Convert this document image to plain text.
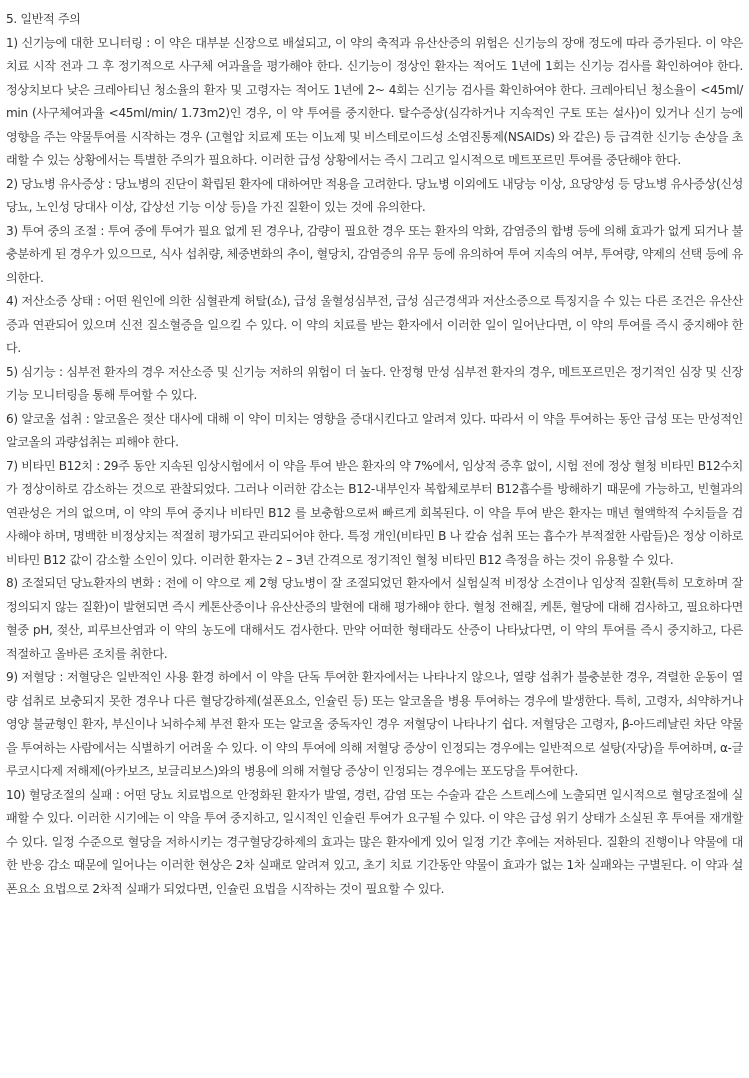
5. 일반적 주의

1) 신기능에 대한 모니터링 : 이 약은 대부분 신장으로 배설되고, 이 약의 축적과 유산산증의 위험은 신기능의 장애 정도에 따라 증가된다. 이 약은 치료 시작 전과 그 후 정기적으로 사구체 여과율을 평가해야 한다. 신기능이 정상인 환자는 적어도 1년에 1회는 신기능 검사를 확인하여야 한다. 정상치보다 낮은 크레아티닌 청소율의 환자 및 고령자는 적어도 1년에 2~ 4회는 신기능 검사를 확인하여야 한다. 크레아티닌 청소율이 <45ml/min (사구체여과율 <45ml/min/ 1.73m2)인 경우, 이 약 투여를 중지한다. 탈수증상(심각하거나 지속적인 구토 또는 설사)이 있거나 신기 능에 영향을 주는 약물투여를 시작하는 경우 (고혈압 치료제 또는 이뇨제 및 비스테로이드성 소염진통제(NSAIDs) 와 같은) 등 급격한 신기능 손상을 초래할 수 있는 상황에서는 특별한 주의가 필요하다. 이러한 급성 상황에서는 즉시 그리고 일시적으로 메트포르민 투여를 중단해야 한다.

2) 당뇨병 유사증상 : 당뇨병의 진단이 확립된 환자에 대하여만 적용을 고려한다. 당뇨병 이외에도 내당능 이상, 요당양성 등 당뇨병 유사증상(신성 당뇨, 노인성 당대사 이상, 갑상선 기능 이상 등)을 가진 질환이 있는 것에 유의한다.

3) 투여 중의 조절 : 투여 중에 투여가 필요 없게 된 경우나, 감량이 필요한 경우 또는 환자의 악화, 감염증의 합병 등에 의해 효과가 없게 되거나 불충분하게 된 경우가 있으므로, 식사 섭취량, 체중변화의 추이, 혈당치, 감염증의 유무 등에 유의하여 투여 지속의 여부, 투여량, 약제의 선택 등에 유의한다.

4) 저산소증 상태 : 어떤 원인에 의한 심혈관계 허탈(쇼), 급성 울혈성심부전, 급성 심근경색과 저산소증으로 특징지을 수 있는 다른 조건은 유산산증과 연관되어 있으며 신전 질소혈증을 일으킬 수 있다. 이 약의 치료를 받는 환자에서 이러한 일이 일어난다면, 이 약의 투여를 즉시 중지해야 한다.

5) 심기능 : 심부전 환자의 경우 저산소증 및 신기능 저하의 위험이 더 높다. 안정형 만성 심부전 환자의 경우, 메트포르민은 정기적인 심장 및 신장기능 모니터링을 통해 투여할 수 있다.

6) 알코올 섭취 : 알코올은 젖산 대사에 대해 이 약이 미치는 영향을 증대시킨다고 알려져 있다. 따라서 이 약을 투여하는 동안 급성 또는 만성적인 알코올의 과량섭취는 피해야 한다.

7) 비타민 B12치 : 29주 동안 지속된 임상시험에서 이 약을 투여 받은 환자의 약 7%에서, 임상적 증후 없이, 시험 전에 정상 혈청 비타민 B12수치가 정상이하로 감소하는 것으로 관찰되었다. 그러나 이러한 감소는 B12-내부인자 복합체로부터 B12흡수를 방해하기 때문에 가능하고, 빈혈과의 연관성은 거의 없으며, 이 약의 투여 중지나 비타민 B12 를 보충함으로써 빠르게 회복된다. 이 약을 투여 받은 환자는 매년 혈액학적 수치들을 검사해야 하며, 명백한 비정상치는 적절히 평가되고 관리되어야 한다. 특정 개인(비타민 B 나 칼슘 섭취 또는 흡수가 부적절한 사람들)은 정상 이하로 비타민 B12 값이 감소할 소인이 있다. 이러한 환자는 2 – 3년 간격으로 정기적인 혈청 비타민 B12 측정을 하는 것이 유용할 수 있다.

8) 조절되던 당뇨환자의 변화 : 전에 이 약으로 제 2형 당뇨병이 잘 조절되었던 환자에서 실험실적 비정상 소견이나 임상적 질환(특히 모호하며 잘 정의되지 않는 질환)이 발현되면 즉시 케톤산증이나 유산산증의 발현에 대해 평가해야 한다. 혈청 전해질, 케톤, 혈당에 대해 검사하고, 필요하다면 혈중 pH, 젖산, 피루브산염과 이 약의 농도에 대해서도 검사한다. 만약 어떠한 형태라도 산증이 나타났다면, 이 약의 투여를 즉시 중지하고, 다른 적절하고 올바른 조치를 취한다.

9) 저혈당 : 저혈당은 일반적인 사용 환경 하에서 이 약을 단독 투여한 환자에서는 나타나지 않으나, 열량 섭취가 불충분한 경우, 격렬한 운동이 열량 섭취로 보충되지 못한 경우나 다른 혈당강하제(설폰요소, 인슐린 등) 또는 알코올을 병용 투여하는 경우에 발생한다. 특히, 고령자, 쇠약하거나 영양 불균형인 환자, 부신이나 뇌하수체 부전 환자 또는 알코올 중독자인 경우 저혈당이 나타나기 쉽다. 저혈당은 고령자, β-아드레날린 차단 약물을 투여하는 사람에서는 식별하기 어려울 수 있다. 이 약의 투여에 의해 저혈당 증상이 인정되는 경우에는 일반적으로 설탕(자당)을 투여하며, α-글루코시다제 저해제(아카보즈, 보글리보스)와의 병용에 의해 저혈당 증상이 인정되는 경우에는 포도당을 투여한다.

10) 혈당조절의 실패 : 어떤 당뇨 치료법으로 안정화된 환자가 발열, 경련, 감염 또는 수술과 같은 스트레스에 노출되면 일시적으로 혈당조절에 실패할 수 있다. 이러한 시기에는 이 약을 투여 중지하고, 일시적인 인슐린 투여가 요구될 수 있다. 이 약은 급성 위기 상태가 소실된 후 투여를 재개할 수 있다. 일정 수준으로 혈당을 저하시키는 경구혈당강하제의 효과는 많은 환자에게 있어 일정 기간 후에는 저하된다. 질환의 진행이나 약물에 대한 반응 감소 때문에 일어나는 이러한 현상은 2차 실패로 알려져 있고, 초기 치료 기간동안 약물이 효과가 없는 1차 실패와는 구별된다. 이 약과 설폰요소 요법으로 2차적 실패가 되었다면, 인슐린 요법을 시작하는 것이 필요할 수 있다.
